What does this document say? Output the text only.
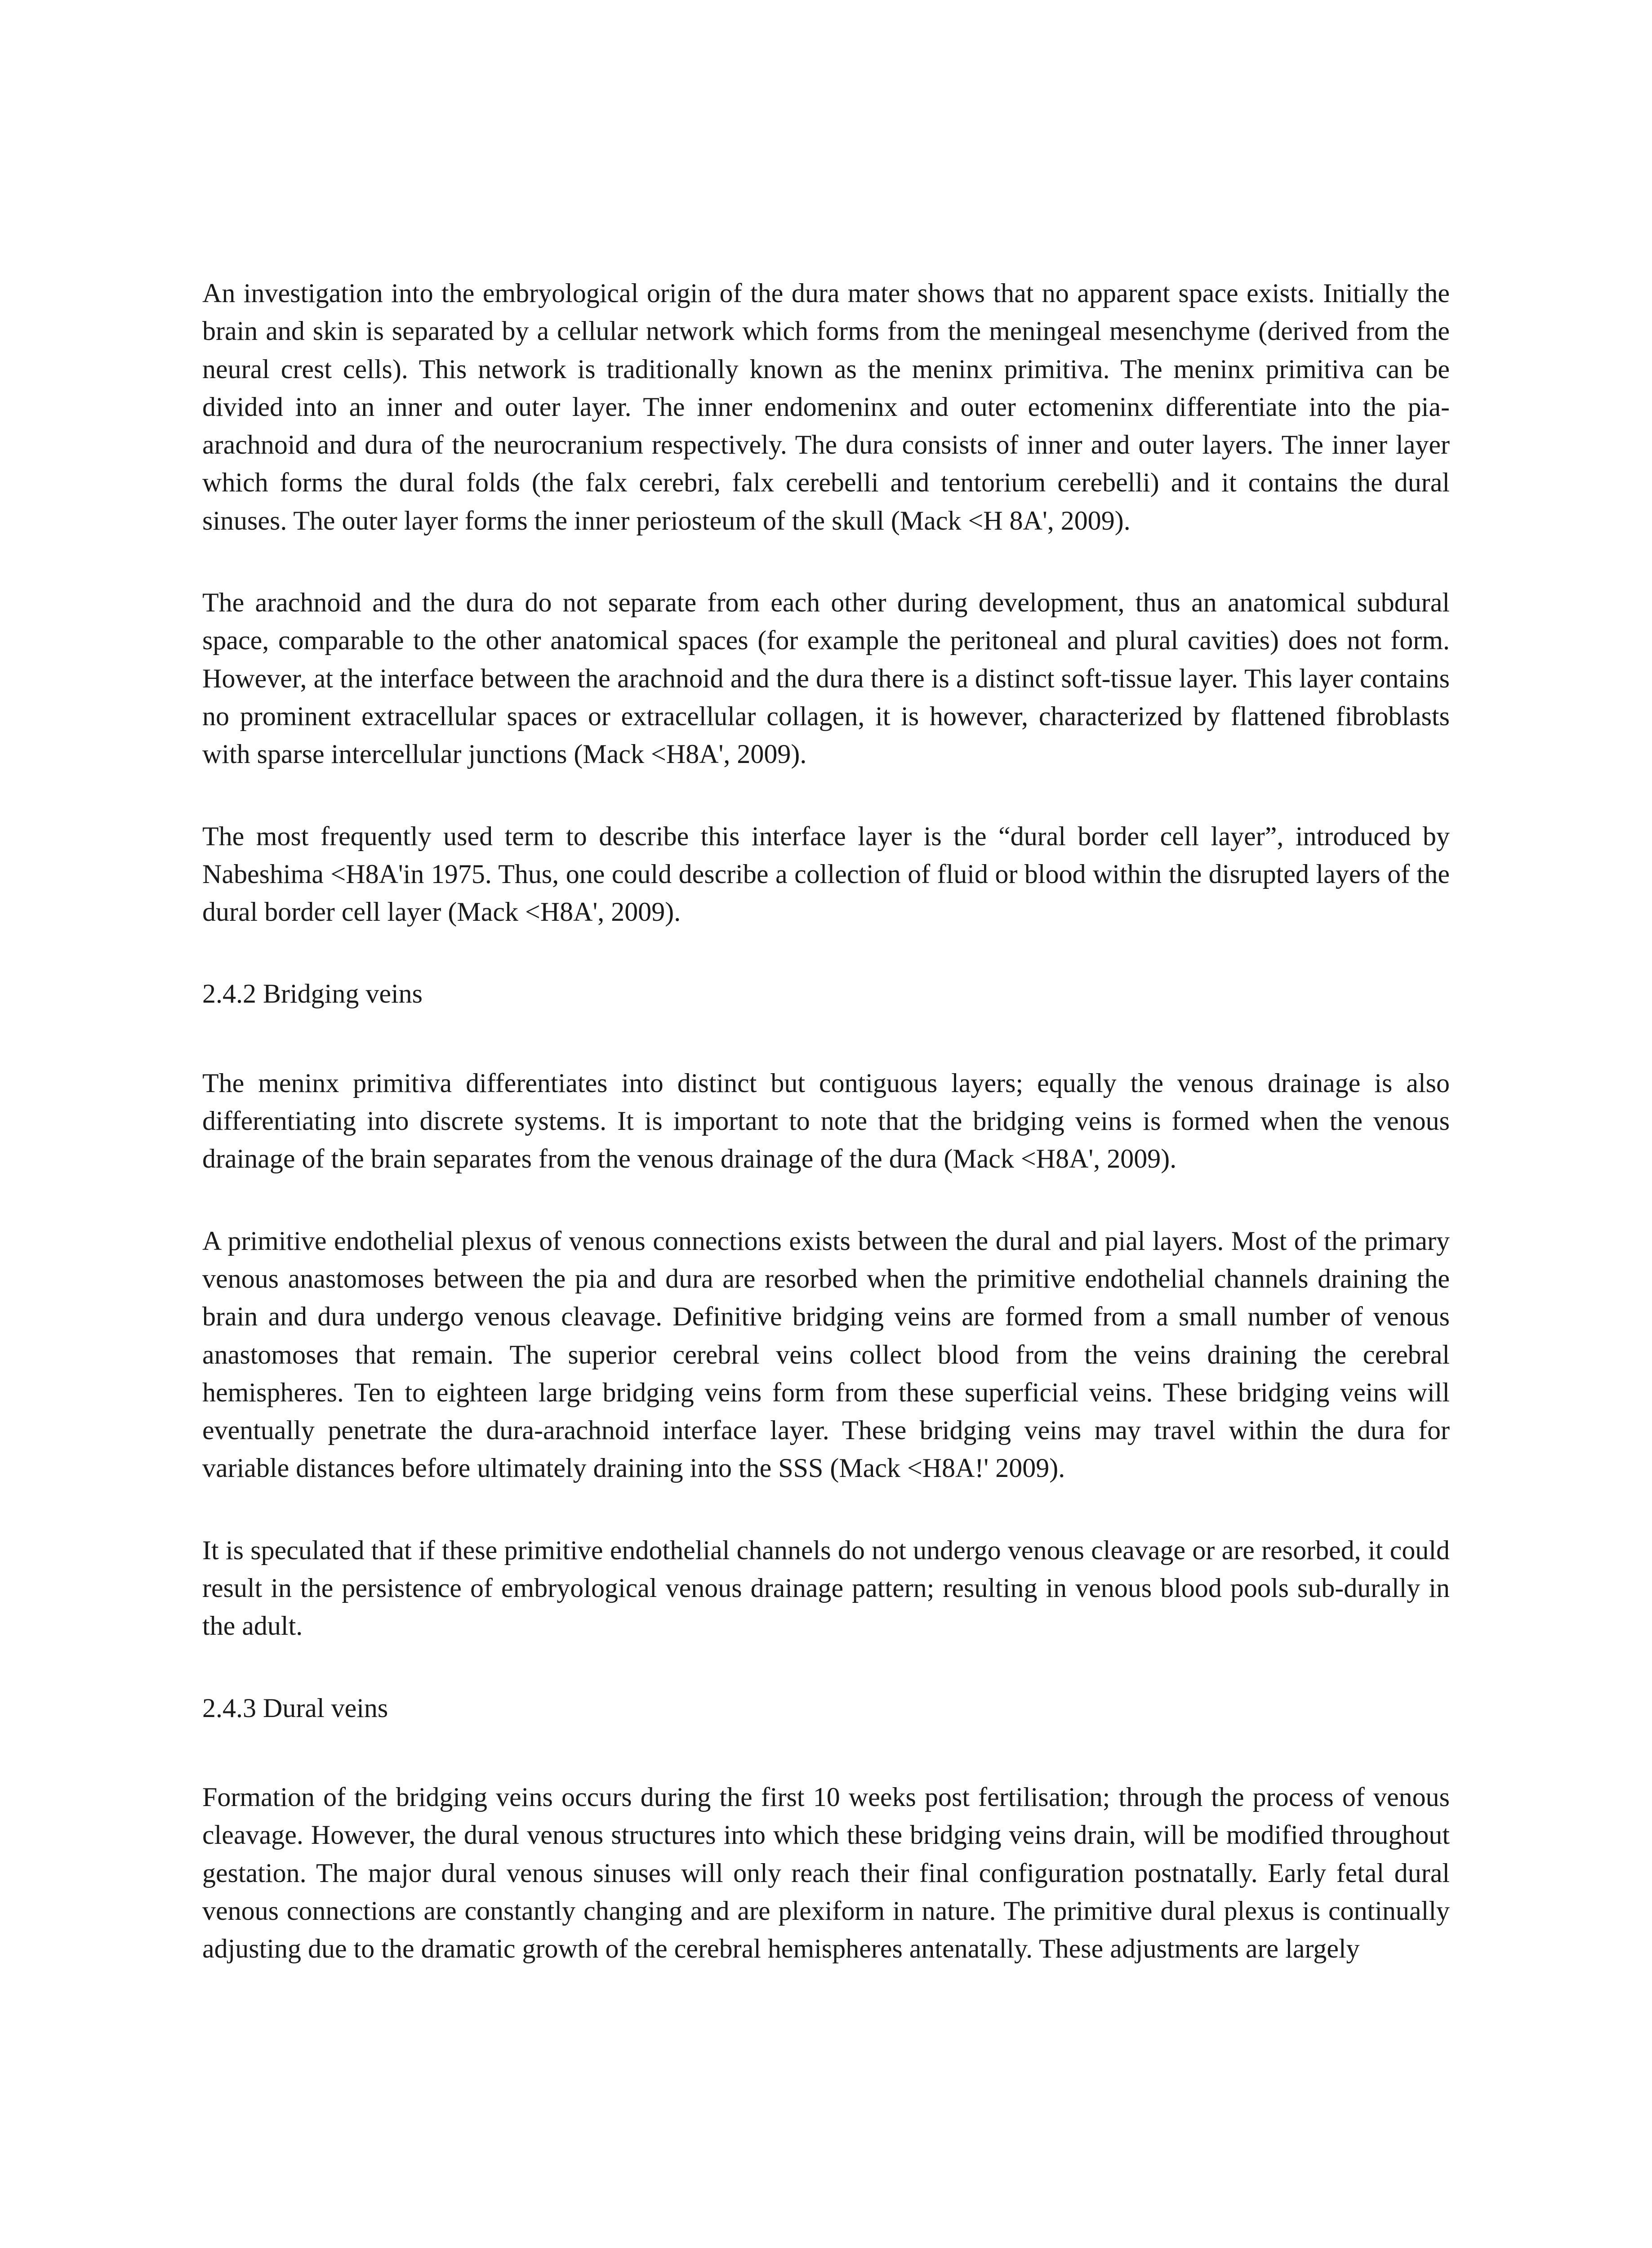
An investigation into the embryological origin of the dura mater shows that no apparent space exists. Initially the brain and skin is separated by a cellular network which forms from the meningeal mesenchyme (derived from the neural crest cells). This network is traditionally known as the meninx primitiva. The meninx primitiva can be divided into an inner and outer layer. The inner endomeninx and outer ectomeninx differentiate into the pia-arachnoid and dura of the neurocranium respectively. The dura consists of inner and outer layers. The inner layer which forms the dural folds (the falx cerebri, falx cerebelli and tentorium cerebelli) and it contains the dural sinuses. The outer layer forms the inner periosteum of the skull (Mack <H 8A', 2009).

The arachnoid and the dura do not separate from each other during development, thus an anatomical subdural space, comparable to the other anatomical spaces (for example the peritoneal and plural cavities) does not form. However, at the interface between the arachnoid and the dura there is a distinct soft-tissue layer. This layer contains no prominent extracellular spaces or extracellular collagen, it is however, characterized by flattened fibroblasts with sparse intercellular junctions (Mack <H8A', 2009).

The most frequently used term to describe this interface layer is the “dural border cell layer”, introduced by Nabeshima <H8A'in 1975. Thus, one could describe a collection of fluid or blood within the disrupted layers of the dural border cell layer (Mack <H8A', 2009).

2.4.2 Bridging veins

The meninx primitiva differentiates into distinct but contiguous layers; equally the venous drainage is also differentiating into discrete systems. It is important to note that the bridging veins is formed when the venous drainage of the brain separates from the venous drainage of the dura (Mack <H8A', 2009).

A primitive endothelial plexus of venous connections exists between the dural and pial layers. Most of the primary venous anastomoses between the pia and dura are resorbed when the primitive endothelial channels draining the brain and dura undergo venous cleavage. Definitive bridging veins are formed from a small number of venous anastomoses that remain. The superior cerebral veins collect blood from the veins draining the cerebral hemispheres. Ten to eighteen large bridging veins form from these superficial veins. These bridging veins will eventually penetrate the dura-arachnoid interface layer. These bridging veins may travel within the dura for variable distances before ultimately draining into the SSS (Mack <H8A!' 2009).

It is speculated that if these primitive endothelial channels do not undergo venous cleavage or are resorbed, it could result in the persistence of embryological venous drainage pattern; resulting in venous blood pools sub-durally in the adult.

2.4.3 Dural veins

Formation of the bridging veins occurs during the first 10 weeks post fertilisation; through the process of venous cleavage. However, the dural venous structures into which these bridging veins drain, will be modified throughout gestation. The major dural venous sinuses will only reach their final configuration postnatally. Early fetal dural venous connections are constantly changing and are plexiform in nature. The primitive dural plexus is continually adjusting due to the dramatic growth of the cerebral hemispheres antenatally. These adjustments are largely
